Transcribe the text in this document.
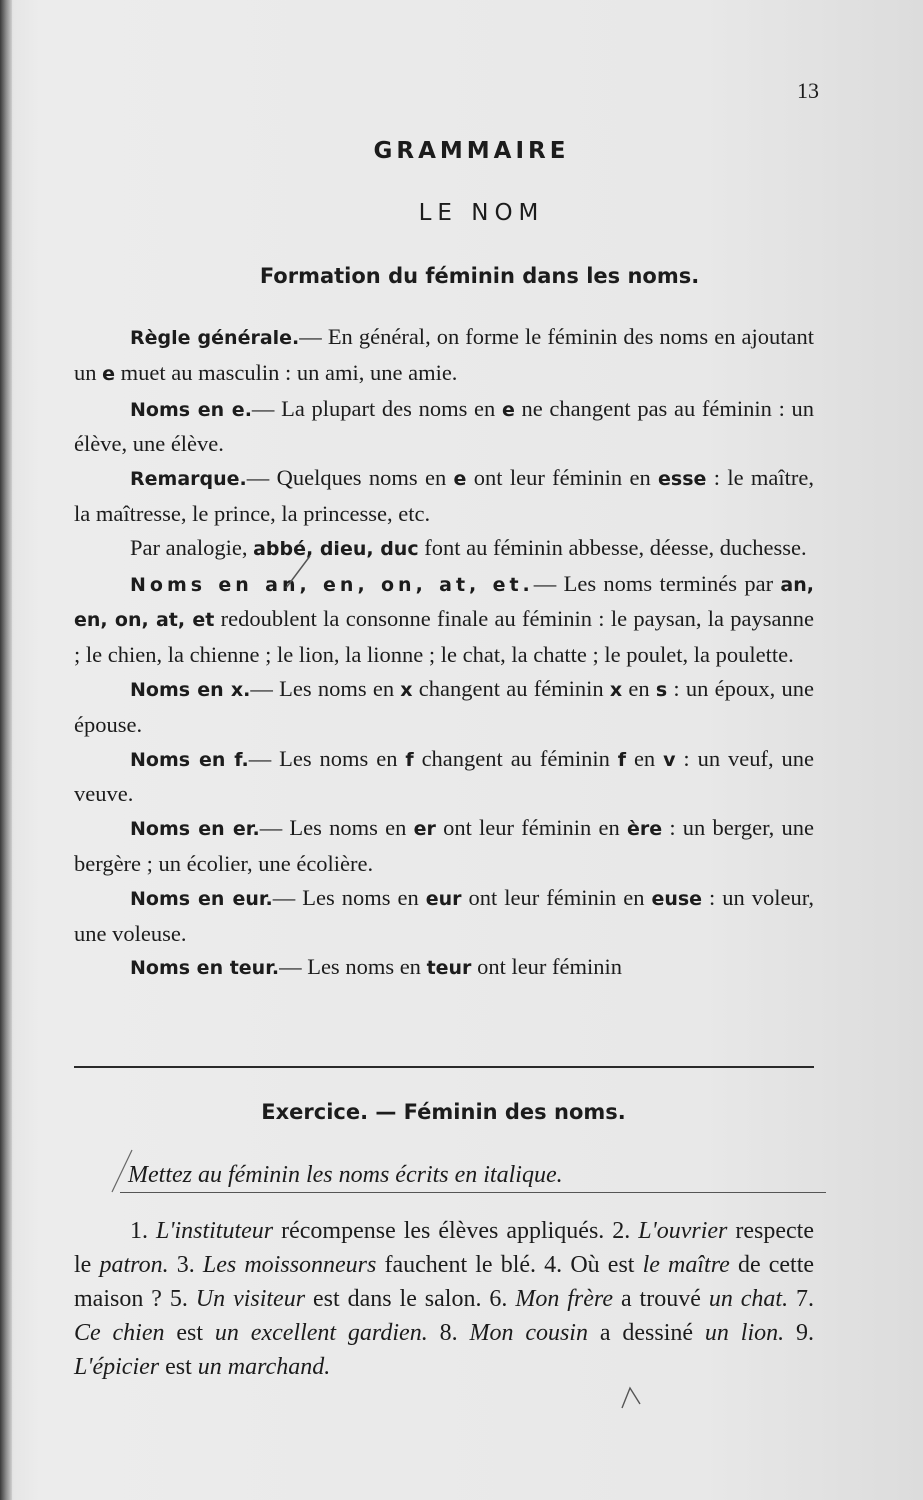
13
GRAMMAIRE
LE NOM
Formation du féminin dans les noms.

Règle générale.— En général, on forme le féminin des noms en ajoutant un e muet au masculin : un ami, une amie.

Noms en e.— La plupart des noms en e ne changent pas au féminin : un élève, une élève.

Remarque.— Quelques noms en e ont leur féminin en esse : le maître, la maîtresse, le prince, la princesse, etc.

Par analogie, abbé, dieu, duc font au féminin abbesse, déesse, duchesse.

Noms en an, en, on, at, et.— Les noms terminés par an, en, on, at, et redoublent la consonne finale au féminin : le paysan, la paysanne ; le chien, la chienne ; le lion, la lionne ; le chat, la chatte ; le poulet, la poulette.

Noms en x.— Les noms en x changent au féminin x en s : un époux, une épouse.

Noms en f.— Les noms en f changent au féminin f en v : un veuf, une veuve.

Noms en er.— Les noms en er ont leur féminin en ère : un berger, une bergère ; un écolier, une écolière.

Noms en eur.— Les noms en eur ont leur féminin en euse : un voleur, une voleuse.

Noms en teur.— Les noms en teur ont leur féminin

Exercice. — Féminin des noms.
Mettez au féminin les noms écrits en italique.

1. L'instituteur récompense les élèves appliqués. 2. L'ouvrier respecte le patron. 3. Les moissonneurs fauchent le blé. 4. Où est le maître de cette maison ? 5. Un visiteur est dans le salon. 6. Mon frère a trouvé un chat. 7. Ce chien est un excellent gardien. 8. Mon cousin a dessiné un lion. 9. L'épicier est un marchand.
